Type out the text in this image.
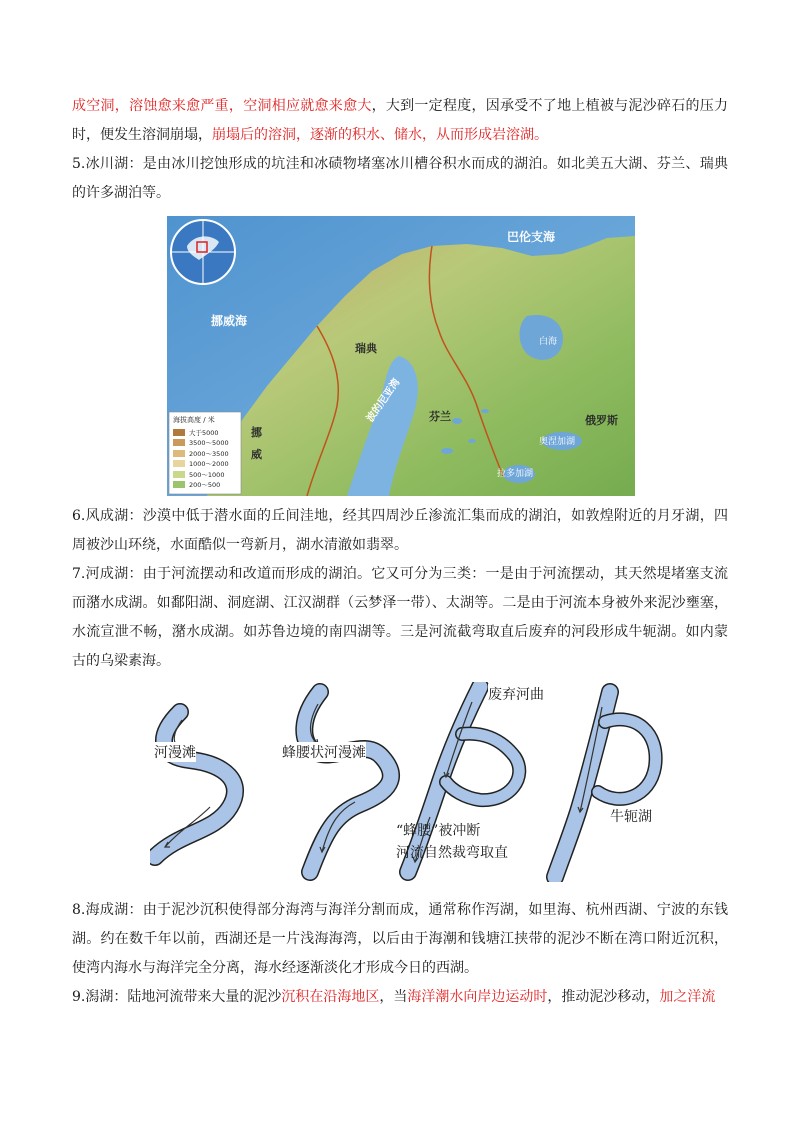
成空洞，溶蚀愈来愈严重，空洞相应就愈来愈大，大到一定程度，因承受不了地上植被与泥沙碎石的压力时，便发生溶洞崩塌，崩塌后的溶洞，逐渐的积水、储水，从而形成岩溶湖。

5.冰川湖：是由冰川挖蚀形成的坑洼和冰碛物堵塞冰川槽谷积水而成的湖泊。如北美五大湖、芬兰、瑞典的许多湖泊等。

巴伦支海
挪威海
白海
瑞典
波的尼亚湾 芬兰	俄罗斯
奥涅加湖
拉多加湖
挪威
海拔高度 / 米
大于5000
3500～5000
2000～3500
1000～2000
500～1000
200～500

6.风成湖：沙漠中低于潜水面的丘间洼地，经其四周沙丘渗流汇集而成的湖泊，如敦煌附近的月牙湖，四周被沙山环绕，水面酷似一弯新月，湖水清澈如翡翠。

7.河成湖：由于河流摆动和改道而形成的湖泊。它又可分为三类：一是由于河流摆动，其天然堤堵塞支流而潴水成湖。如鄱阳湖、洞庭湖、江汉湖群（云梦泽一带）、太湖等。二是由于河流本身被外来泥沙壅塞，水流宣泄不畅，潴水成湖。如苏鲁边境的南四湖等。三是河流截弯取直后废弃的河段形成牛轭湖。如内蒙古的乌梁素海。

河漫滩	蜂腰状河漫滩
废弃河曲
“蜂腰”被冲断
河流自然裁弯取直
牛轭湖

8.海成湖：由于泥沙沉积使得部分海湾与海洋分割而成，通常称作泻湖，如里海、杭州西湖、宁波的东钱湖。约在数千年以前，西湖还是一片浅海海湾，以后由于海潮和钱塘江挟带的泥沙不断在湾口附近沉积，使湾内海水与海洋完全分离，海水经逐渐淡化才形成今日的西湖。

9.潟湖：陆地河流带来大量的泥沙沉积在沿海地区，当海洋潮水向岸边运动时，推动泥沙移动，加之洋流
